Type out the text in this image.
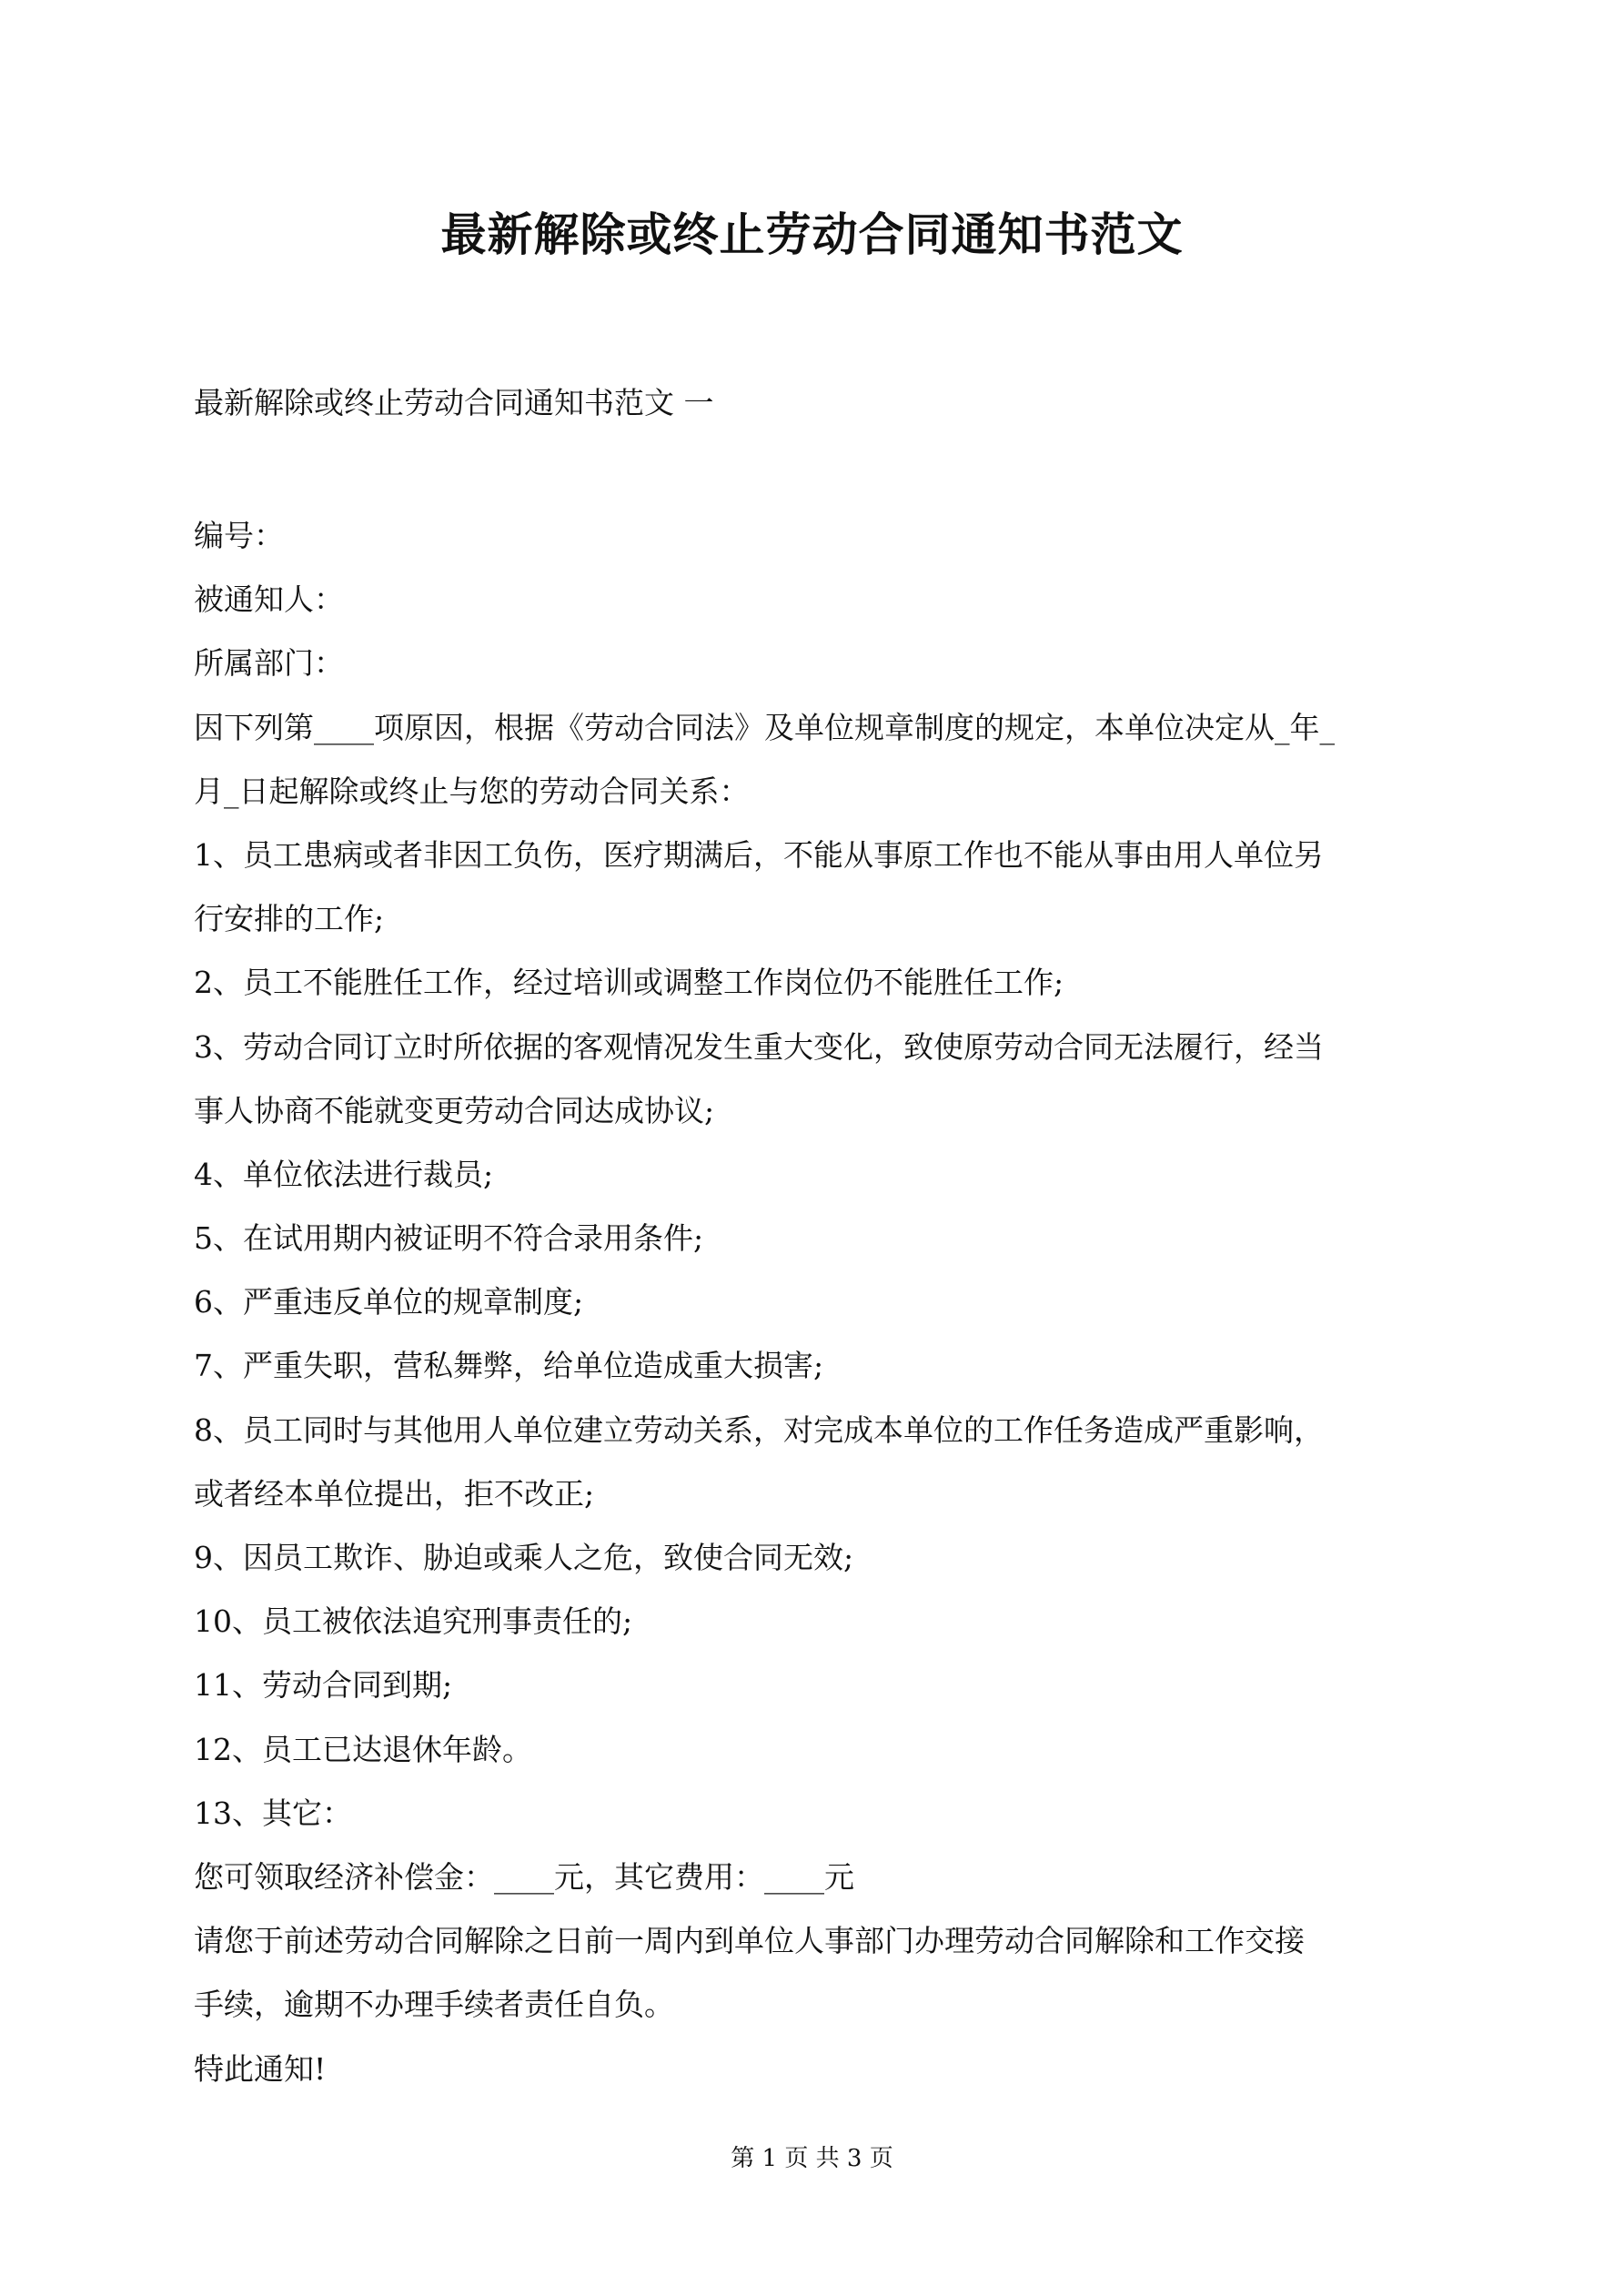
最新解除或终止劳动合同通知书范文

最新解除或终止劳动合同通知书范文 一

编号：
被通知人：
所属部门：
因下列第____项原因，根据《劳动合同法》及单位规章制度的规定，本单位决定从_年_
月_日起解除或终止与您的劳动合同关系：
1、员工患病或者非因工负伤，医疗期满后，不能从事原工作也不能从事由用人单位另
行安排的工作;
2、员工不能胜任工作，经过培训或调整工作岗位仍不能胜任工作;
3、劳动合同订立时所依据的客观情况发生重大变化，致使原劳动合同无法履行，经当
事人协商不能就变更劳动合同达成协议;
4、单位依法进行裁员;
5、在试用期内被证明不符合录用条件;
6、严重违反单位的规章制度;
7、严重失职，营私舞弊，给单位造成重大损害;
8、员工同时与其他用人单位建立劳动关系，对完成本单位的工作任务造成严重影响，
或者经本单位提出，拒不改正;
9、因员工欺诈、胁迫或乘人之危，致使合同无效;
10、员工被依法追究刑事责任的;
11、劳动合同到期;
12、员工已达退休年龄。
13、其它：
您可领取经济补偿金：____元，其它费用：____元
请您于前述劳动合同解除之日前一周内到单位人事部门办理劳动合同解除和工作交接
手续，逾期不办理手续者责任自负。
特此通知!

第 1 页 共 3 页
